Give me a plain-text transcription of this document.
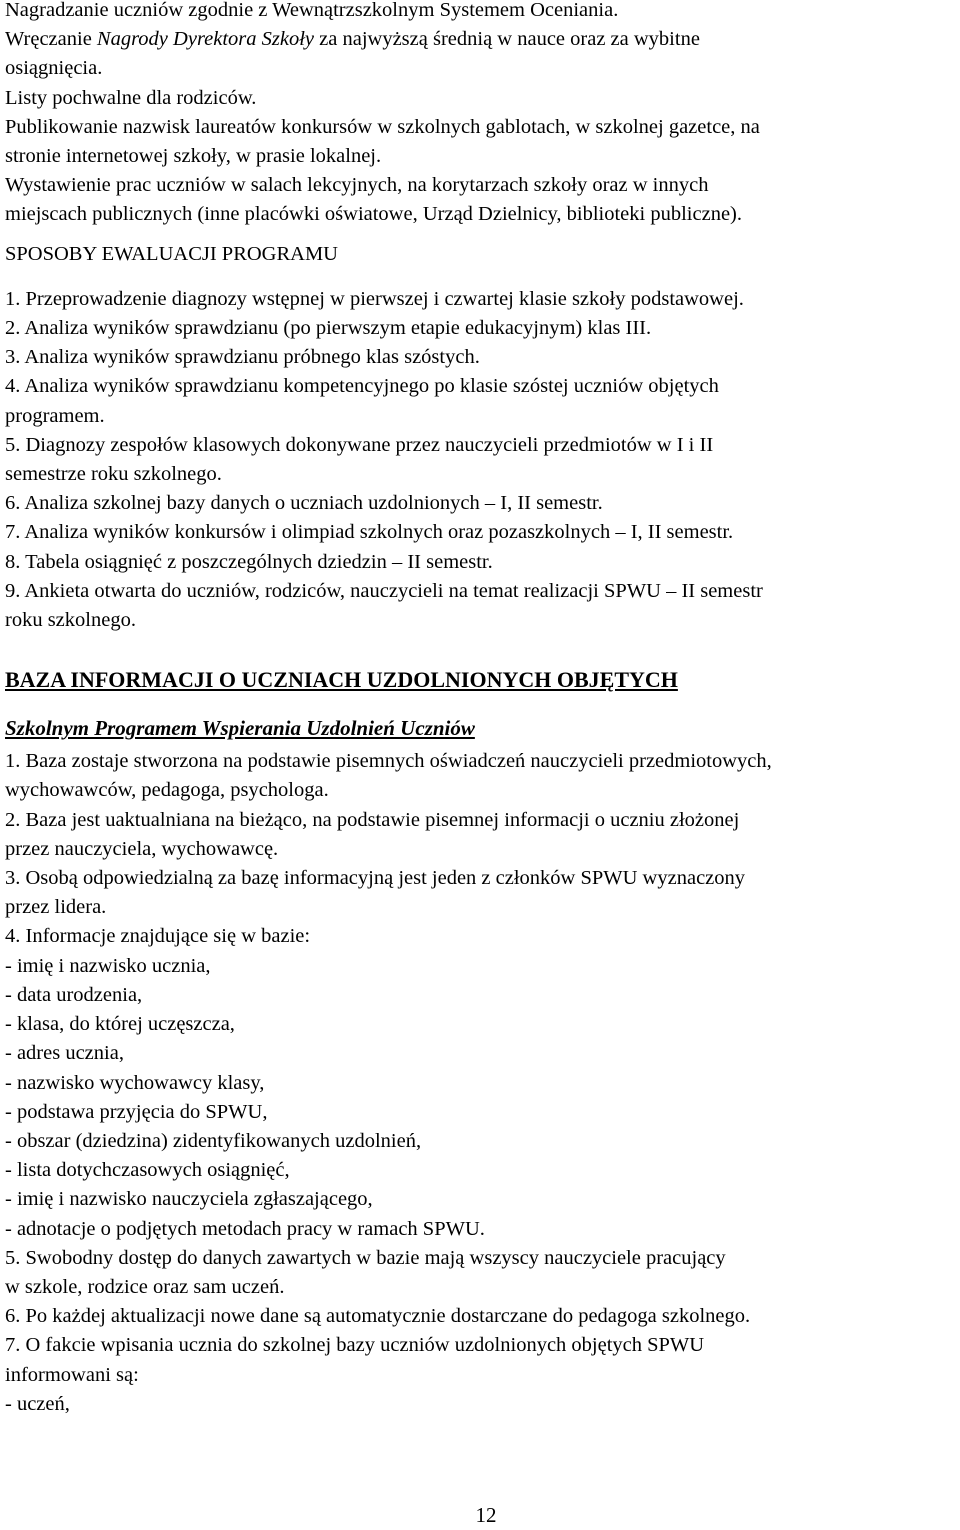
Nagradzanie uczniów zgodnie z Wewnątrzszkolnym Systemem Oceniania.
Wręczanie Nagrody Dyrektora Szkoły za najwyższą średnią w nauce oraz za wybitne
osiągnięcia.
Listy pochwalne dla rodziców.
Publikowanie nazwisk laureatów konkursów w szkolnych gablotach, w szkolnej gazetce, na
stronie internetowej szkoły, w prasie lokalnej.
Wystawienie prac uczniów w salach lekcyjnych, na korytarzach szkoły oraz w innych
miejscach publicznych (inne placówki oświatowe, Urząd Dzielnicy, biblioteki publiczne).
SPOSOBY EWALUACJI PROGRAMU
1. Przeprowadzenie diagnozy wstępnej w pierwszej i czwartej klasie szkoły podstawowej.
2. Analiza wyników sprawdzianu (po pierwszym etapie edukacyjnym) klas III.
3. Analiza wyników sprawdzianu próbnego klas szóstych.
4. Analiza wyników sprawdzianu kompetencyjnego po klasie szóstej uczniów objętych
programem.
5. Diagnozy zespołów klasowych dokonywane przez nauczycieli przedmiotów w I i II
semestrze roku szkolnego.
6. Analiza szkolnej bazy danych o uczniach uzdolnionych – I, II semestr.
7. Analiza wyników konkursów i olimpiad szkolnych oraz pozaszkolnych – I, II semestr.
8. Tabela osiągnięć z poszczególnych dziedzin – II semestr.
9. Ankieta otwarta do uczniów, rodziców, nauczycieli na temat realizacji SPWU – II semestr
roku szkolnego.
BAZA INFORMACJI O UCZNIACH UZDOLNIONYCH OBJĘTYCH
Szkolnym Programem Wspierania Uzdolnień Uczniów
1. Baza zostaje stworzona na podstawie pisemnych oświadczeń nauczycieli przedmiotowych,
wychowawców, pedagoga, psychologa.
2. Baza jest uaktualniana na bieżąco, na podstawie pisemnej informacji o uczniu złożonej
przez nauczyciela, wychowawcę.
3. Osobą odpowiedzialną za bazę informacyjną jest jeden z członków SPWU wyznaczony
przez lidera.
4. Informacje znajdujące się w bazie:
- imię i nazwisko ucznia,
- data urodzenia,
- klasa, do której uczęszcza,
- adres ucznia,
- nazwisko wychowawcy klasy,
- podstawa przyjęcia do SPWU,
- obszar (dziedzina) zidentyfikowanych uzdolnień,
- lista dotychczasowych osiągnięć,
- imię i nazwisko nauczyciela zgłaszającego,
- adnotacje o podjętych metodach pracy w ramach SPWU.
5. Swobodny dostęp do danych zawartych w bazie mają wszyscy nauczyciele pracujący
w szkole, rodzice oraz sam uczeń.
6. Po każdej aktualizacji nowe dane są automatycznie dostarczane do pedagoga szkolnego.
7. O fakcie wpisania ucznia do szkolnej bazy uczniów uzdolnionych objętych SPWU
informowani są:
- uczeń,
12
